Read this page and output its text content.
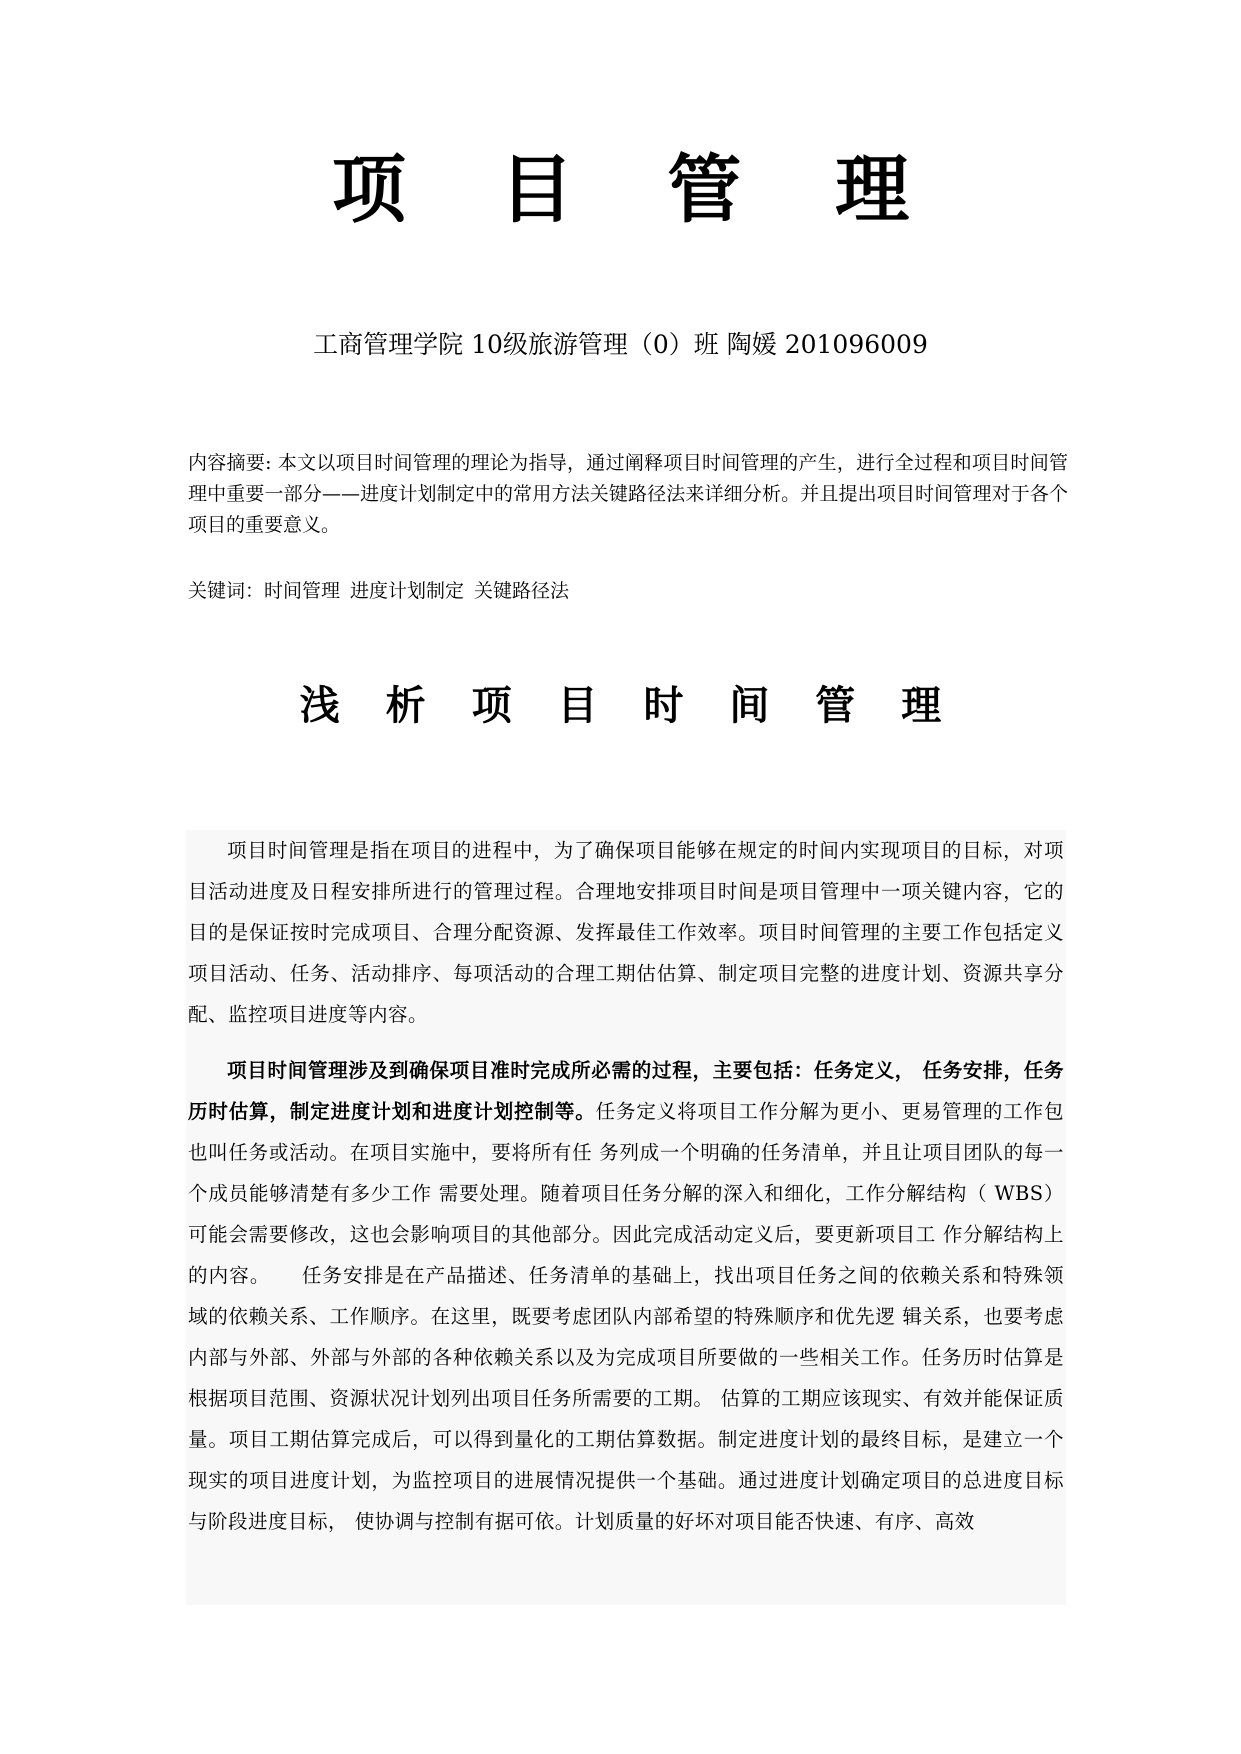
项 目 管 理

工商管理学院 10级旅游管理（0）班 陶媛 201096009

内容摘要: 本文以项目时间管理的理论为指导，通过阐释项目时间管理的产生，进行全过程和项目时间管理中重要一部分——进度计划制定中的常用方法关键路径法来详细分析。并且提出项目时间管理对于各个项目的重要意义。

关键词：时间管理 进度计划制定 关键路径法

浅 析 项 目 时 间 管 理

项目时间管理是指在项目的进程中，为了确保项目能够在规定的时间内实现项目的目标，对项目活动进度及日程安排所进行的管理过程。合理地安排项目时间是项目管理中一项关键内容，它的目的是保证按时完成项目、合理分配资源、发挥最佳工作效率。项目时间管理的主要工作包括定义项目活动、任务、活动排序、每项活动的合理工期估估算、制定项目完整的进度计划、资源共享分配、监控项目进度等内容。

项目时间管理涉及到确保项目准时完成所必需的过程，主要包括：任务定义， 任务安排，任务历时估算，制定进度计划和进度计划控制等。任务定义将项目工作分解为更小、更易管理的工作包也叫任务或活动。在项目实施中，要将所有任 务列成一个明确的任务清单，并且让项目团队的每一个成员能够清楚有多少工作 需要处理。随着项目任务分解的深入和细化，工作分解结构（ WBS）可能会需要修改，这也会影响项目的其他部分。因此完成活动定义后，要更新项目工 作分解结构上的内容。　　任务安排是在产品描述、任务清单的基础上，找出项目任务之间的依赖关系和特殊领 域的依赖关系、工作顺序。在这里，既要考虑团队内部希望的特殊顺序和优先逻 辑关系，也要考虑内部与外部、外部与外部的各种依赖关系以及为完成项目所要做的一些相关工作。任务历时估算是根据项目范围、资源状况计划列出项目任务所需要的工期。 估算的工期应该现实、有效并能保证质量。项目工期估算完成后，可以得到量化的工期估算数据。制定进度计划的最终目标，是建立一个现实的项目进度计划，为监控项目的进展情况提供一个基础。通过进度计划确定项目的总进度目标与阶段进度目标， 使协调与控制有据可依。计划质量的好坏对项目能否快速、有序、高效
